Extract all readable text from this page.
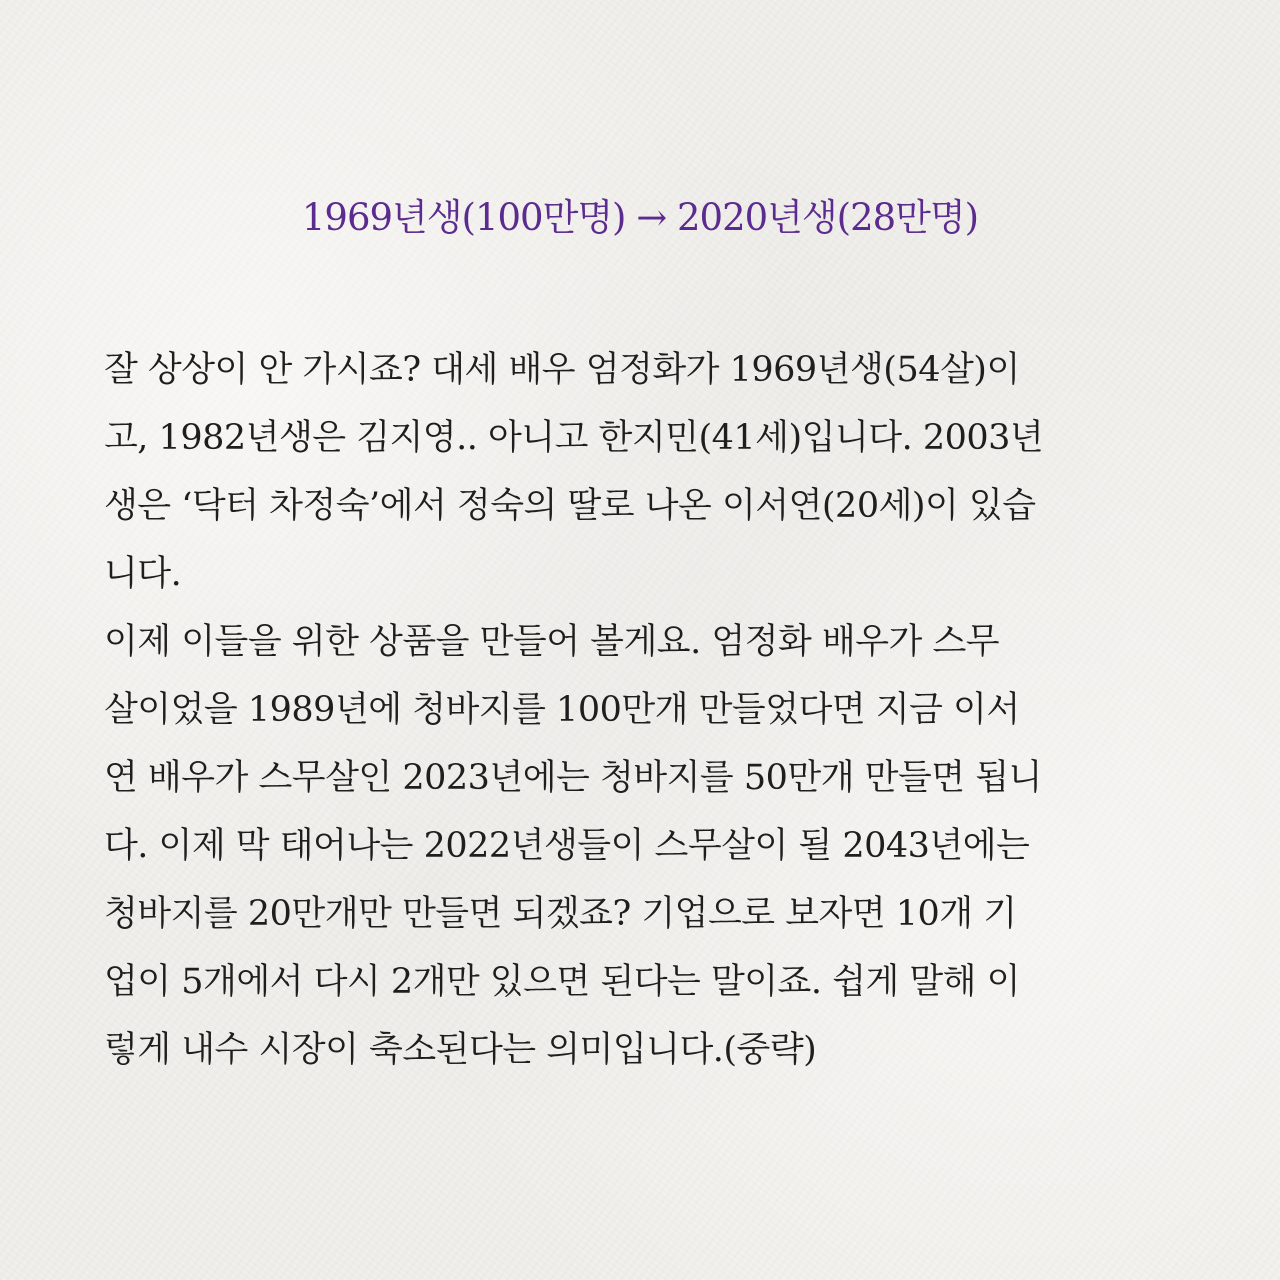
1969년생(100만명) → 2020년생(28만명)
잘 상상이 안 가시죠? 대세 배우 엄정화가 1969년생(54살)이
고, 1982년생은 김지영.. 아니고 한지민(41세)입니다. 2003년
생은 ‘닥터 차정숙’에서 정숙의 딸로 나온 이서연(20세)이 있습
니다.
이제 이들을 위한 상품을 만들어 볼게요. 엄정화 배우가 스무
살이었을 1989년에 청바지를 100만개 만들었다면 지금 이서
연 배우가 스무살인 2023년에는 청바지를 50만개 만들면 됩니
다. 이제 막 태어나는 2022년생들이 스무살이 될 2043년에는
청바지를 20만개만 만들면 되겠죠? 기업으로 보자면 10개 기
업이 5개에서 다시 2개만 있으면 된다는 말이죠. 쉽게 말해 이
렇게 내수 시장이 축소된다는 의미입니다.(중략)
